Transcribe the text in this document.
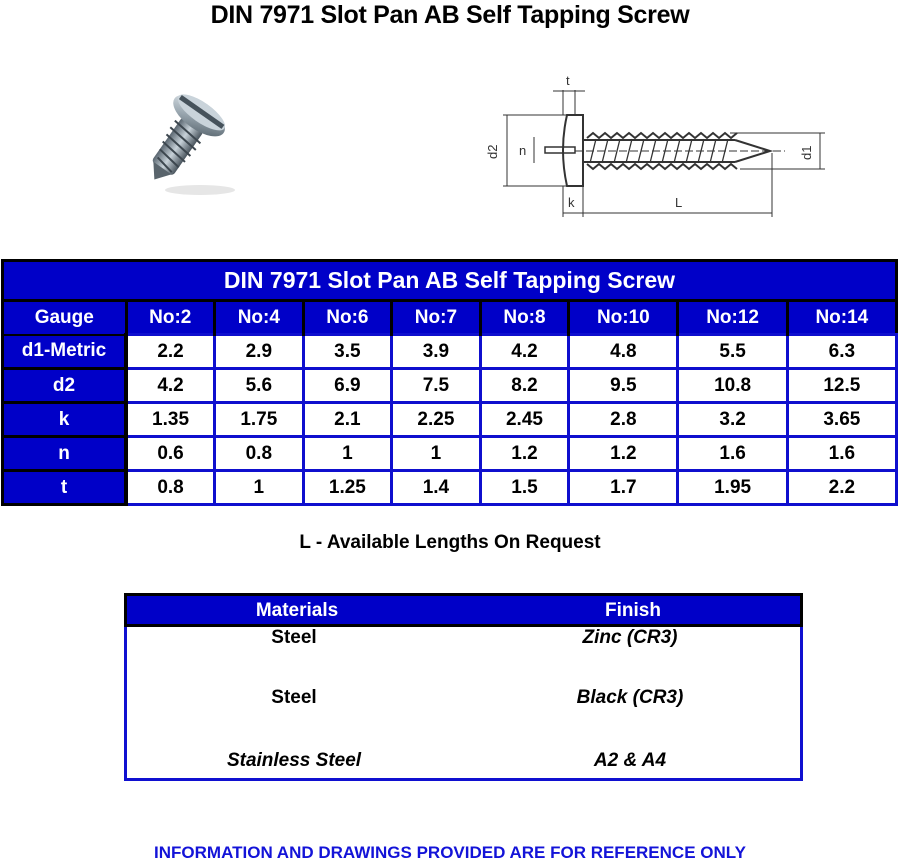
DIN 7971 Slot Pan AB Self Tapping Screw
t
n
d2	d1
k	L
DIN 7971 Slot Pan AB Self Tapping Screw								
Gauge	No:2	No:4	No:6	No:7	No:8	No:10	No:12	No:14
d1-Metric	2.2	2.9	3.5	3.9	4.2	4.8	5.5	6.3
d2	4.2	5.6	6.9	7.5	8.2	9.5	10.8	12.5
k	1.35	1.75	2.1	2.25	2.45	2.8	3.2	3.65
n	0.6	0.8	1	1	1.2	1.2	1.6	1.6
t	0.8	1	1.25	1.4	1.5	1.7	1.95	2.2
L - Available Lengths On Request
Materials	Finish
Steel	Zinc (CR3)
Steel	Black (CR3)
Stainless Steel	A2 & A4
INFORMATION AND DRAWINGS PROVIDED ARE FOR REFERENCE ONLY
